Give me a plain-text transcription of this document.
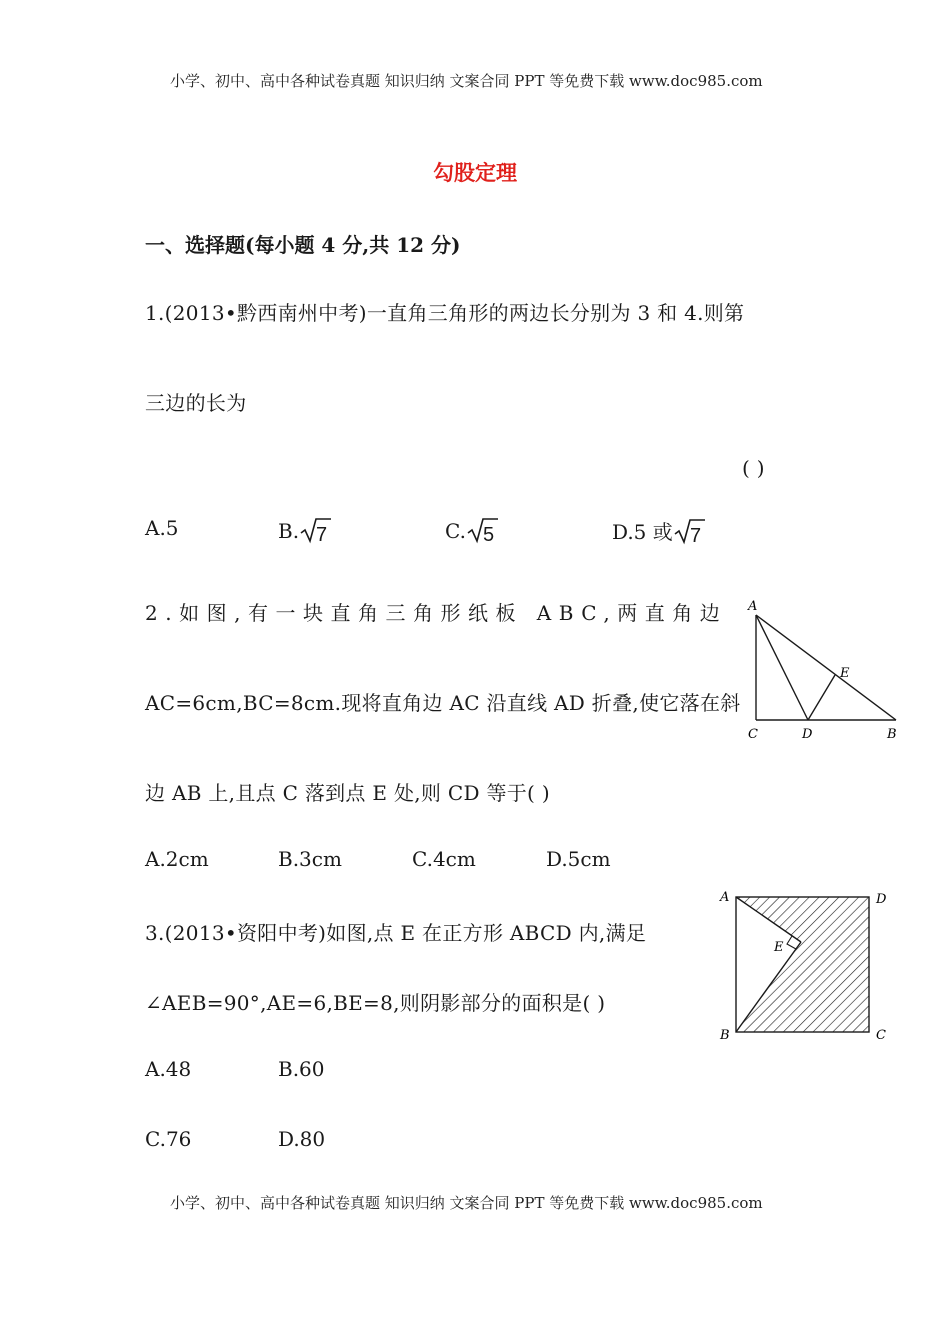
小学、初中、高中各种试卷真题 知识归纳 文案合同 PPT 等免费下载 www.doc985.com
勾股定理
一、选择题(每小题 4 分,共 12 分)
1.(2013•黔西南州中考)一直角三角形的两边长分别为 3 和 4.则第
三边的长为
( )
A.5	B. 7	C. 5	D.5 或 7
2.如图,有一块直角三角形纸板 ABC,两直角边
AC=6cm,BC=8cm.现将直角边 AC 沿直线 AD 折叠,使它落在斜
边 AB 上,且点 C 落到点 E 处,则 CD 等于( )
A.2cm	B.3cm	C.4cm	D.5cm
A
C	D	B
E
3.(2013•资阳中考)如图,点 E 在正方形 ABCD 内,满足
∠AEB=90°,AE=6,BE=8,则阴影部分的面积是( )
A.48	B.60
C.76	D.80
A	D
E
B	C
小学、初中、高中各种试卷真题 知识归纳 文案合同 PPT 等免费下载 www.doc985.com
